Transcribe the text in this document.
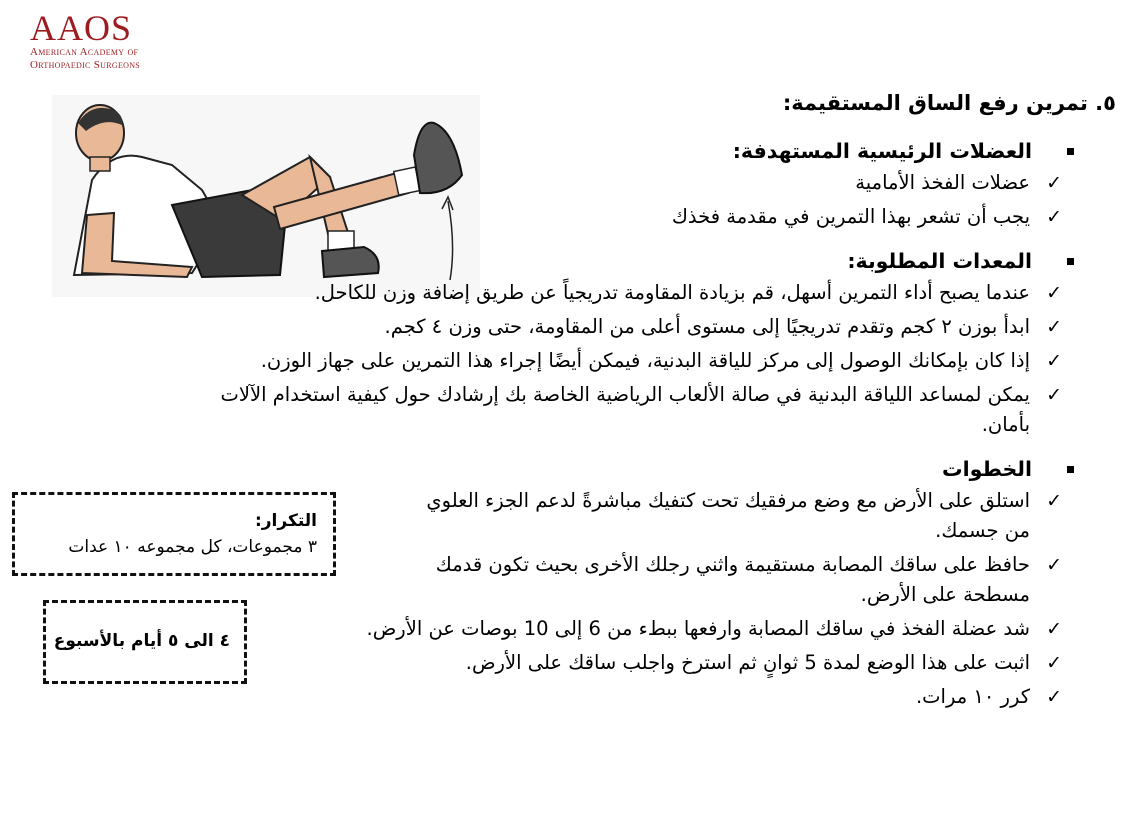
AAOS
American Academy of
Orthopaedic Surgeons
٥. تمرين رفع الساق المستقيمة:
العضلات الرئيسية المستهدفة:
✓ عضلات الفخذ الأمامية
✓ يجب أن تشعر بهذا التمرين في مقدمة فخذك
المعدات المطلوبة:
✓ عندما يصبح أداء التمرين أسهل، قم بزيادة المقاومة تدريجياً عن طريق إضافة وزن للكاحل.
✓ ابدأ بوزن ٢ كجم وتقدم تدريجيًا إلى مستوى أعلى من المقاومة، حتى وزن ٤ كجم.
✓ إذا كان بإمكانك الوصول إلى مركز للياقة البدنية، فيمكن أيضًا إجراء هذا التمرين على جهاز الوزن.
✓ يمكن لمساعد اللياقة البدنية في صالة الألعاب الرياضية الخاصة بك إرشادك حول كيفية استخدام الآلات بأمان.
الخطوات
✓ استلق على الأرض مع وضع مرفقيك تحت كتفيك مباشرةً لدعم الجزء العلوي من جسمك.
✓ حافظ على ساقك المصابة مستقيمة واثني رجلك الأخرى بحيث تكون قدمك مسطحة على الأرض.
✓ شد عضلة الفخذ في ساقك المصابة وارفعها ببطء من 6 إلى 10 بوصات عن الأرض.
✓ اثبت على هذا الوضع لمدة 5 ثوانٍ ثم استرخ واجلب ساقك على الأرض.
✓ كرر ١٠ مرات.
التكرار:
٣ مجموعات، كل مجموعه ١٠ عدات
٤ الى ٥ أيام بالأسبوع
